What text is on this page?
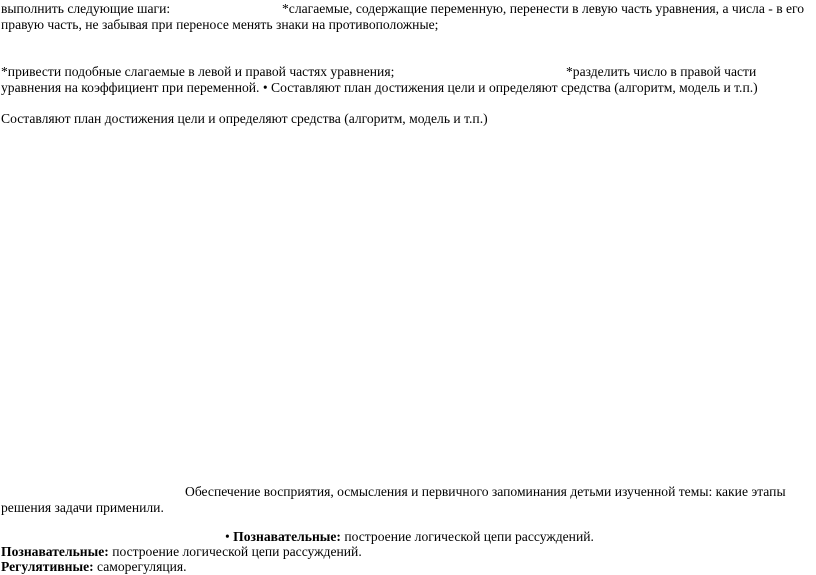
выполнить следующие шаги:	*слагаемые, содержащие переменную, перенести в левую часть уравнения, а числа - в его
правую часть, не забывая при переносе менять знаки на противоположные;
*привести подобные слагаемые в левой и правой частях уравнения;	*разделить число в правой части
уравнения на коэффициент при переменной. • Составляют план достижения цели и определяют средства (алгоритм, модель и т.п.)
Составляют план достижения цели и определяют средства (алгоритм, модель и т.п.)
Обеспечение восприятия, осмысления и первичного запоминания детьми изученной темы: какие этапы
решения задачи применили.
• Познавательные: построение логической цепи рассуждений.
Познавательные: построение логической цепи рассуждений.
Регулятивные: саморегуляция.
